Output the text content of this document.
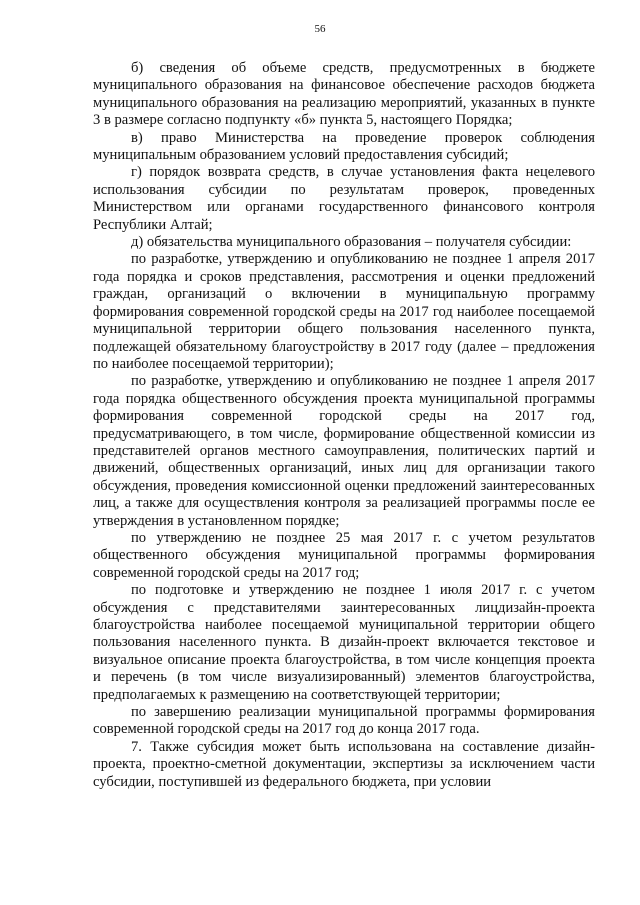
56

б) сведения об объеме средств, предусмотренных в бюджете муниципального образования на финансовое обеспечение расходов бюджета муниципального образования на реализацию мероприятий, указанных в пункте 3 в размере согласно подпункту «б» пункта 5, настоящего Порядка;

в) право Министерства на проведение проверок соблюдения муниципальным образованием условий предоставления субсидий;

г) порядок возврата средств, в случае установления факта нецелевого использования субсидии по результатам проверок, проведенных Министерством или органами государственного финансового контроля Республики Алтай;

д) обязательства муниципального образования – получателя субсидии:

по разработке, утверждению и опубликованию не позднее 1 апреля 2017 года порядка и сроков представления, рассмотрения и оценки предложений граждан, организаций о включении в муниципальную программу формирования современной городской среды на 2017 год наиболее посещаемой муниципальной территории общего пользования населенного пункта, подлежащей обязательному благоустройству в 2017 году (далее – предложения по наиболее посещаемой территории);

по разработке, утверждению и опубликованию не позднее 1 апреля 2017 года порядка общественного обсуждения проекта муниципальной программы формирования современной городской среды на 2017 год, предусматривающего, в том числе, формирование общественной комиссии из представителей органов местного самоуправления, политических партий и движений, общественных организаций, иных лиц для организации такого обсуждения, проведения комиссионной оценки предложений заинтересованных лиц, а также для осуществления контроля за реализацией программы после ее утверждения в установленном порядке;

по утверждению не позднее 25 мая 2017 г. с учетом результатов общественного обсуждения муниципальной программы формирования современной городской среды на 2017 год;

по подготовке и утверждению не позднее 1 июля 2017 г. с учетом обсуждения с представителями заинтересованных лицдизайн-проекта благоустройства наиболее посещаемой муниципальной территории общего пользования населенного пункта. В дизайн-проект включается текстовое и визуальное описание проекта благоустройства, в том числе концепция проекта и перечень (в том числе визуализированный) элементов благоустройства, предполагаемых к размещению на соответствующей территории;

по завершению реализации муниципальной программы формирования современной городской среды на 2017 год до конца 2017 года.

7. Также субсидия может быть использована на составление дизайн-проекта, проектно-сметной документации, экспертизы за исключением части субсидии, поступившей из федерального бюджета, при условии
